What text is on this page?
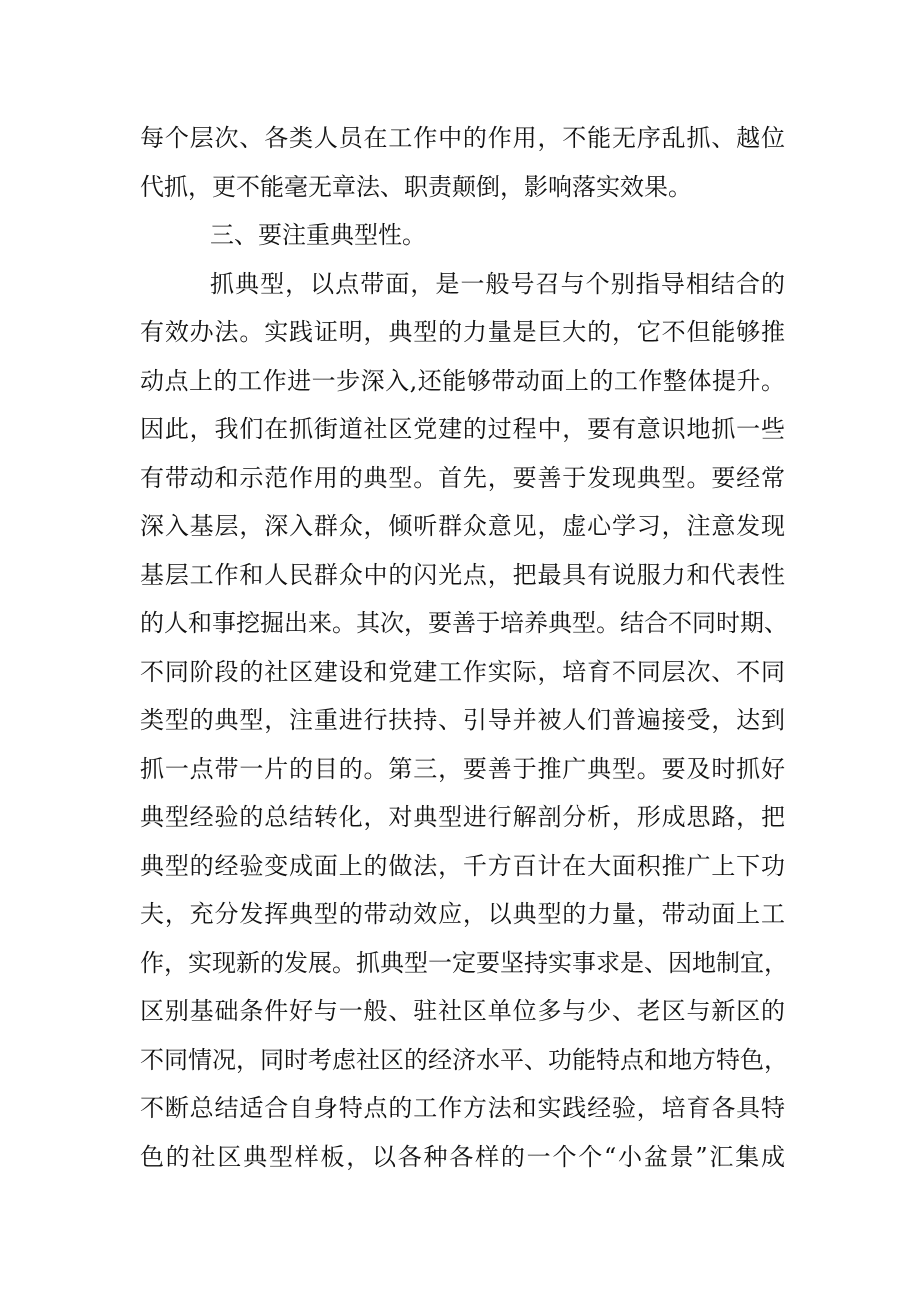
每个层次、各类人员在工作中的作用，不能无序乱抓、越位
代抓，更不能毫无章法、职责颠倒，影响落实效果。
三、要注重典型性。
抓典型，以点带面，是一般号召与个别指导相结合的
有效办法。实践证明，典型的力量是巨大的，它不但能够推
动点上的工作进一步深入,还能够带动面上的工作整体提升。
因此，我们在抓街道社区党建的过程中，要有意识地抓一些
有带动和示范作用的典型。首先，要善于发现典型。要经常
深入基层，深入群众，倾听群众意见，虚心学习，注意发现
基层工作和人民群众中的闪光点，把最具有说服力和代表性
的人和事挖掘出来。其次，要善于培养典型。结合不同时期、
不同阶段的社区建设和党建工作实际，培育不同层次、不同
类型的典型，注重进行扶持、引导并被人们普遍接受，达到
抓一点带一片的目的。第三，要善于推广典型。要及时抓好
典型经验的总结转化，对典型进行解剖分析，形成思路，把
典型的经验变成面上的做法，千方百计在大面积推广上下功
夫，充分发挥典型的带动效应，以典型的力量，带动面上工
作，实现新的发展。抓典型一定要坚持实事求是、因地制宜，
区别基础条件好与一般、驻社区单位多与少、老区与新区的
不同情况，同时考虑社区的经济水平、功能特点和地方特色，
不断总结适合自身特点的工作方法和实践经验，培育各具特
色的社区典型样板，以各种各样的一个个“小盆景”汇集成
